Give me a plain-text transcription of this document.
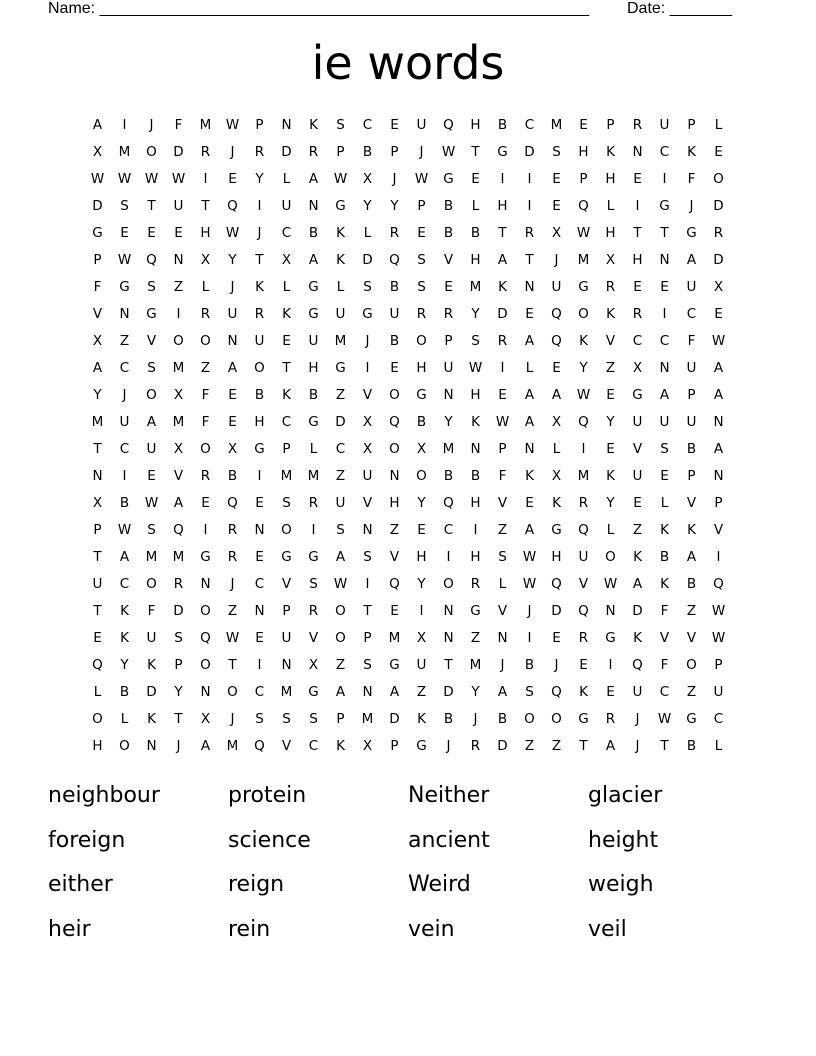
Name: _______________________________________________________ Date: _______
ie words
A	I	J	F	M	W	P	N	K	S	C	E	U	Q	H	B	C	M	E	P	R	U	P	L
X	M	O	D	R	J	R	D	R	P	B	P	J	W	T	G	D	S	H	K	N	C	K	E
W	W	W	W	I	E	Y	L	A	W	X	J	W	G	E	I	I	E	P	H	E	I	F	O
D	S	T	U	T	Q	I	U	N	G	Y	Y	P	B	L	H	I	E	Q	L	I	G	J	D
G	E	E	E	H	W	J	C	B	K	L	R	E	B	B	T	R	X	W	H	T	T	G	R
P	W	Q	N	X	Y	T	X	A	K	D	Q	S	V	H	A	T	J	M	X	H	N	A	D
F	G	S	Z	L	J	K	L	G	L	S	B	S	E	M	K	N	U	G	R	E	E	U	X
V	N	G	I	R	U	R	K	G	U	G	U	R	R	Y	D	E	Q	O	K	R	I	C	E
X	Z	V	O	O	N	U	E	U	M	J	B	O	P	S	R	A	Q	K	V	C	C	F	W
A	C	S	M	Z	A	O	T	H	G	I	E	H	U	W	I	L	E	Y	Z	X	N	U	A
Y	J	O	X	F	E	B	K	B	Z	V	O	G	N	H	E	A	A	W	E	G	A	P	A
M	U	A	M	F	E	H	C	G	D	X	Q	B	Y	K	W	A	X	Q	Y	U	U	U	N
T	C	U	X	O	X	G	P	L	C	X	O	X	M	N	P	N	L	I	E	V	S	B	A
N	I	E	V	R	B	I	M	M	Z	U	N	O	B	B	F	K	X	M	K	U	E	P	N
X	B	W	A	E	Q	E	S	R	U	V	H	Y	Q	H	V	E	K	R	Y	E	L	V	P
P	W	S	Q	I	R	N	O	I	S	N	Z	E	C	I	Z	A	G	Q	L	Z	K	K	V
T	A	M	M	G	R	E	G	G	A	S	V	H	I	H	S	W	H	U	O	K	B	A	I
U	C	O	R	N	J	C	V	S	W	I	Q	Y	O	R	L	W	Q	V	W	A	K	B	Q
T	K	F	D	O	Z	N	P	R	O	T	E	I	N	G	V	J	D	Q	N	D	F	Z	W
E	K	U	S	Q	W	E	U	V	O	P	M	X	N	Z	N	I	E	R	G	K	V	V	W
Q	Y	K	P	O	T	I	N	X	Z	S	G	U	T	M	J	B	J	E	I	Q	F	O	P
L	B	D	Y	N	O	C	M	G	A	N	A	Z	D	Y	A	S	Q	K	E	U	C	Z	U
O	L	K	T	X	J	S	S	S	P	M	D	K	B	J	B	O	O	G	R	J	W	G	C
H	O	N	J	A	M	Q	V	C	K	X	P	G	J	R	D	Z	Z	T	A	J	T	B	L
neighbour	protein	Neither	glacier
foreign	science	ancient	height
either	reign	Weird	weigh
heir	rein	vein	veil
